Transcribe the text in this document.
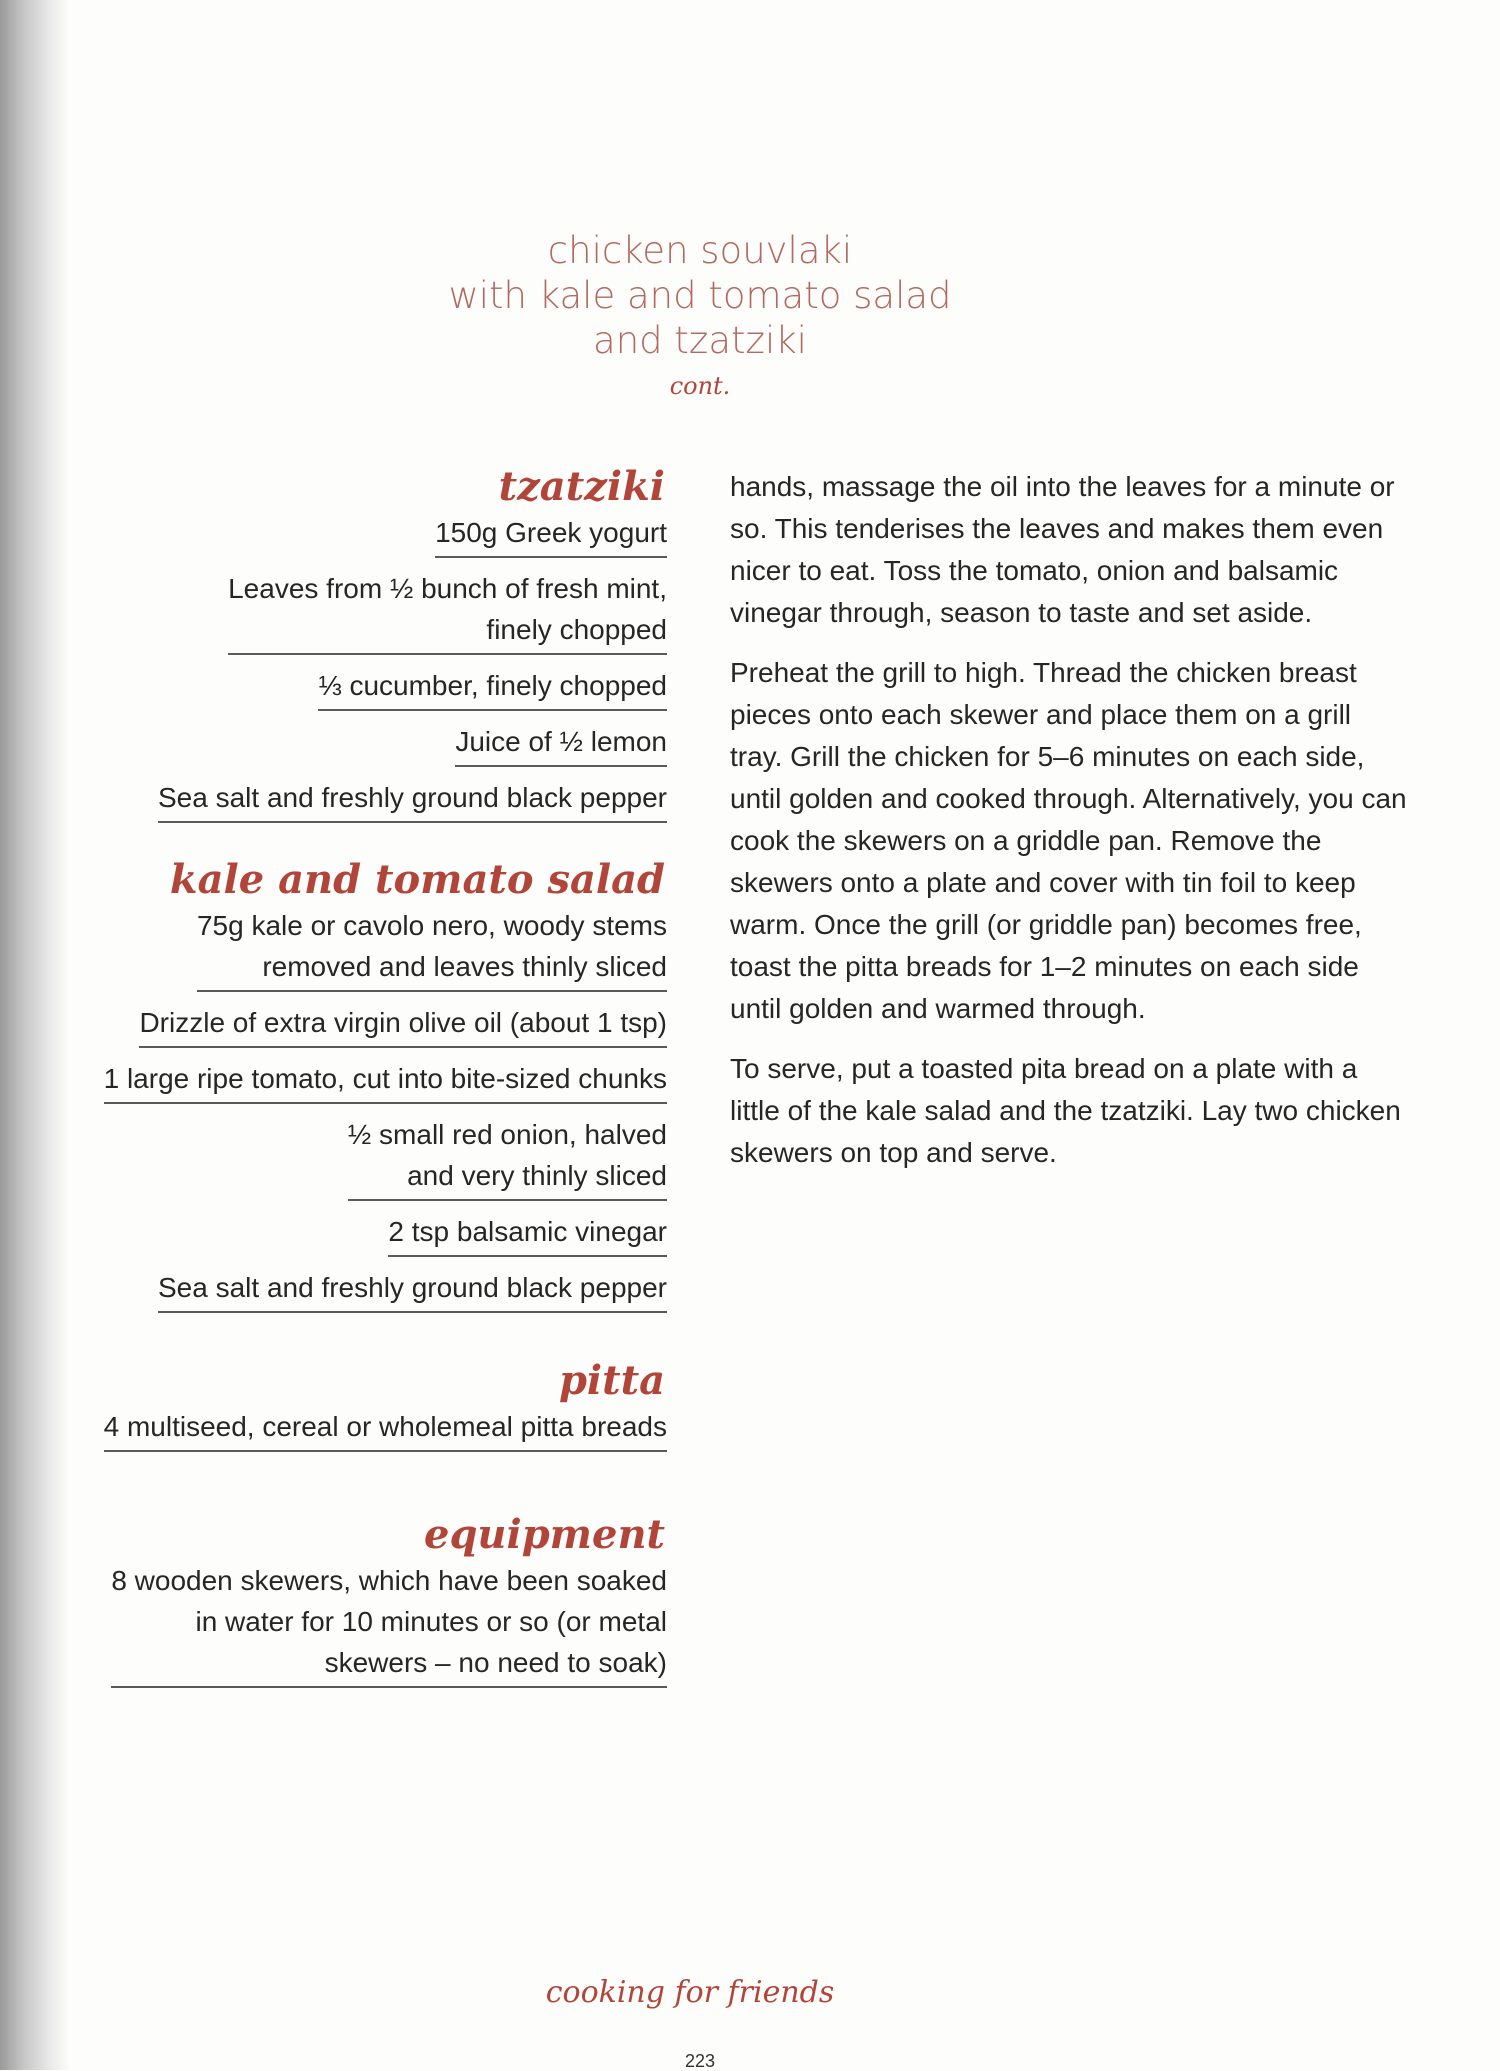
chicken souvlaki
with kale and tomato salad
and tzatziki
cont.
tzatziki
150g Greek yogurt
Leaves from ½ bunch of fresh mint,
finely chopped
⅓ cucumber, finely chopped
Juice of ½ lemon
Sea salt and freshly ground black pepper
kale and tomato salad
75g kale or cavolo nero, woody stems
removed and leaves thinly sliced
Drizzle of extra virgin olive oil (about 1 tsp)
1 large ripe tomato, cut into bite-sized chunks
½ small red onion, halved
and very thinly sliced
2 tsp balsamic vinegar
Sea salt and freshly ground black pepper
pitta
4 multiseed, cereal or wholemeal pitta breads
equipment
8 wooden skewers, which have been soaked
in water for 10 minutes or so (or metal
skewers – no need to soak)

hands, massage the oil into the leaves for a minute or so. This tenderises the leaves and makes them even nicer to eat. Toss the tomato, onion and balsamic vinegar through, season to taste and set aside.

Preheat the grill to high. Thread the chicken breast pieces onto each skewer and place them on a grill tray. Grill the chicken for 5–6 minutes on each side, until golden and cooked through. Alternatively, you can cook the skewers on a griddle pan. Remove the skewers onto a plate and cover with tin foil to keep warm. Once the grill (or griddle pan) becomes free, toast the pitta breads for 1–2 minutes on each side until golden and warmed through.

To serve, put a toasted pita bread on a plate with a little of the kale salad and the tzatziki. Lay two chicken skewers on top and serve.

cooking for friends
223
